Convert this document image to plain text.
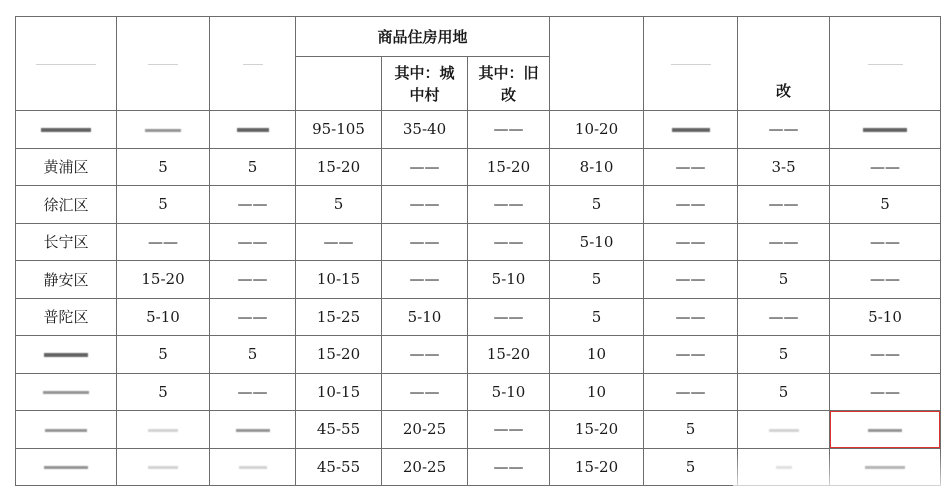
			商品住房用地					改	
				其中：城中村	其中：旧改				
			95-105	35-40	——	10-20		——	
黄浦区	5	5	15-20	——	15-20	8-10	——	3-5	——
徐汇区	5	——	5	——	——	5	——	——	5
长宁区	——	——	——	——	——	5-10	——	——	——
静安区	15-20	——	10-15	——	5-10	5	——	5	——
普陀区	5-10	——	15-25	5-10	——	5	——	——	5-10
	5	5	15-20	——	15-20	10	——	5	——
	5	——	10-15	——	5-10	10	——	5	——
			45-55	20-25	——	15-20	5		

			45-55	20-25	——	15-20	5		
